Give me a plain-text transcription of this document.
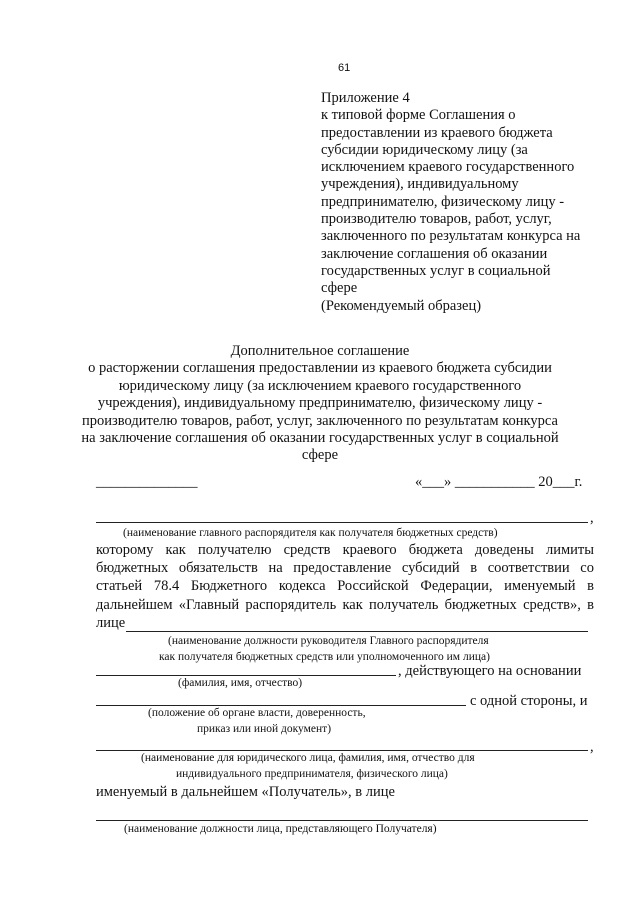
61
Приложение 4
к типовой форме Соглашения о
предоставлении из краевого бюджета
субсидии юридическому лицу (за
исключением краевого государственного
учреждения), индивидуальному
предпринимателю, физическому лицу -
производителю товаров, работ, услуг,
заключенного по результатам конкурса на
заключение соглашения об оказании
государственных услуг в социальной
сфере
(Рекомендуемый образец)
Дополнительное соглашение
о расторжении соглашения предоставлении из краевого бюджета субсидии
юридическому лицу (за исключением краевого государственного
учреждения), индивидуальному предпринимателю, физическому лицу -
производителю товаров, работ, услуг, заключенного по результатам конкурса
на заключение соглашения об оказании государственных услуг в социальной
сфере
______________	«___» ___________ 20___г.
,
(наименование главного распорядителя как получателя бюджетных средств)
которому как получателю средств краевого бюджета доведены лимиты
бюджетных обязательств на предоставление субсидий в соответствии со
статьей 78.4 Бюджетного кодекса Российской Федерации, именуемый в
дальнейшем «Главный распорядитель как получатель бюджетных средств», в
лице
(наименование должности руководителя Главного распорядителя
как получателя бюджетных средств или уполномоченного им лица)
, действующего на основании
(фамилия, имя, отчество)
с одной стороны, и
(положение об органе власти, доверенность,
приказ или иной документ)
,
(наименование для юридического лица, фамилия, имя, отчество для
индивидуального предпринимателя, физического лица)
именуемый в дальнейшем «Получатель», в лице
(наименование должности лица, представляющего Получателя)
